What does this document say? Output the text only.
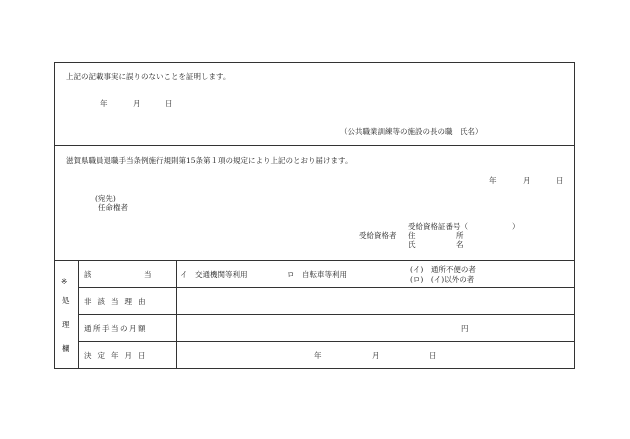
上記の記載事実に誤りのないことを証明します。
年	月	日
（公共職業訓練等の施設の長の職　氏名）
滋賀県職員退職手当条例施行規則第15条第１項の規定により上記のとおり届けます。
年	月	日
(宛先)
任命権者
受給資格証番号（	）
受給資格者 住	所
氏	名
※
処
理
欄
該　　　　　　　当	イ　交通機関等利用	ロ　自転車等利用
(イ)　通所不便の者
(ロ)　(イ)以外の者
非該当理由
通所手当の月額	円
決定年月日	年	月	日
